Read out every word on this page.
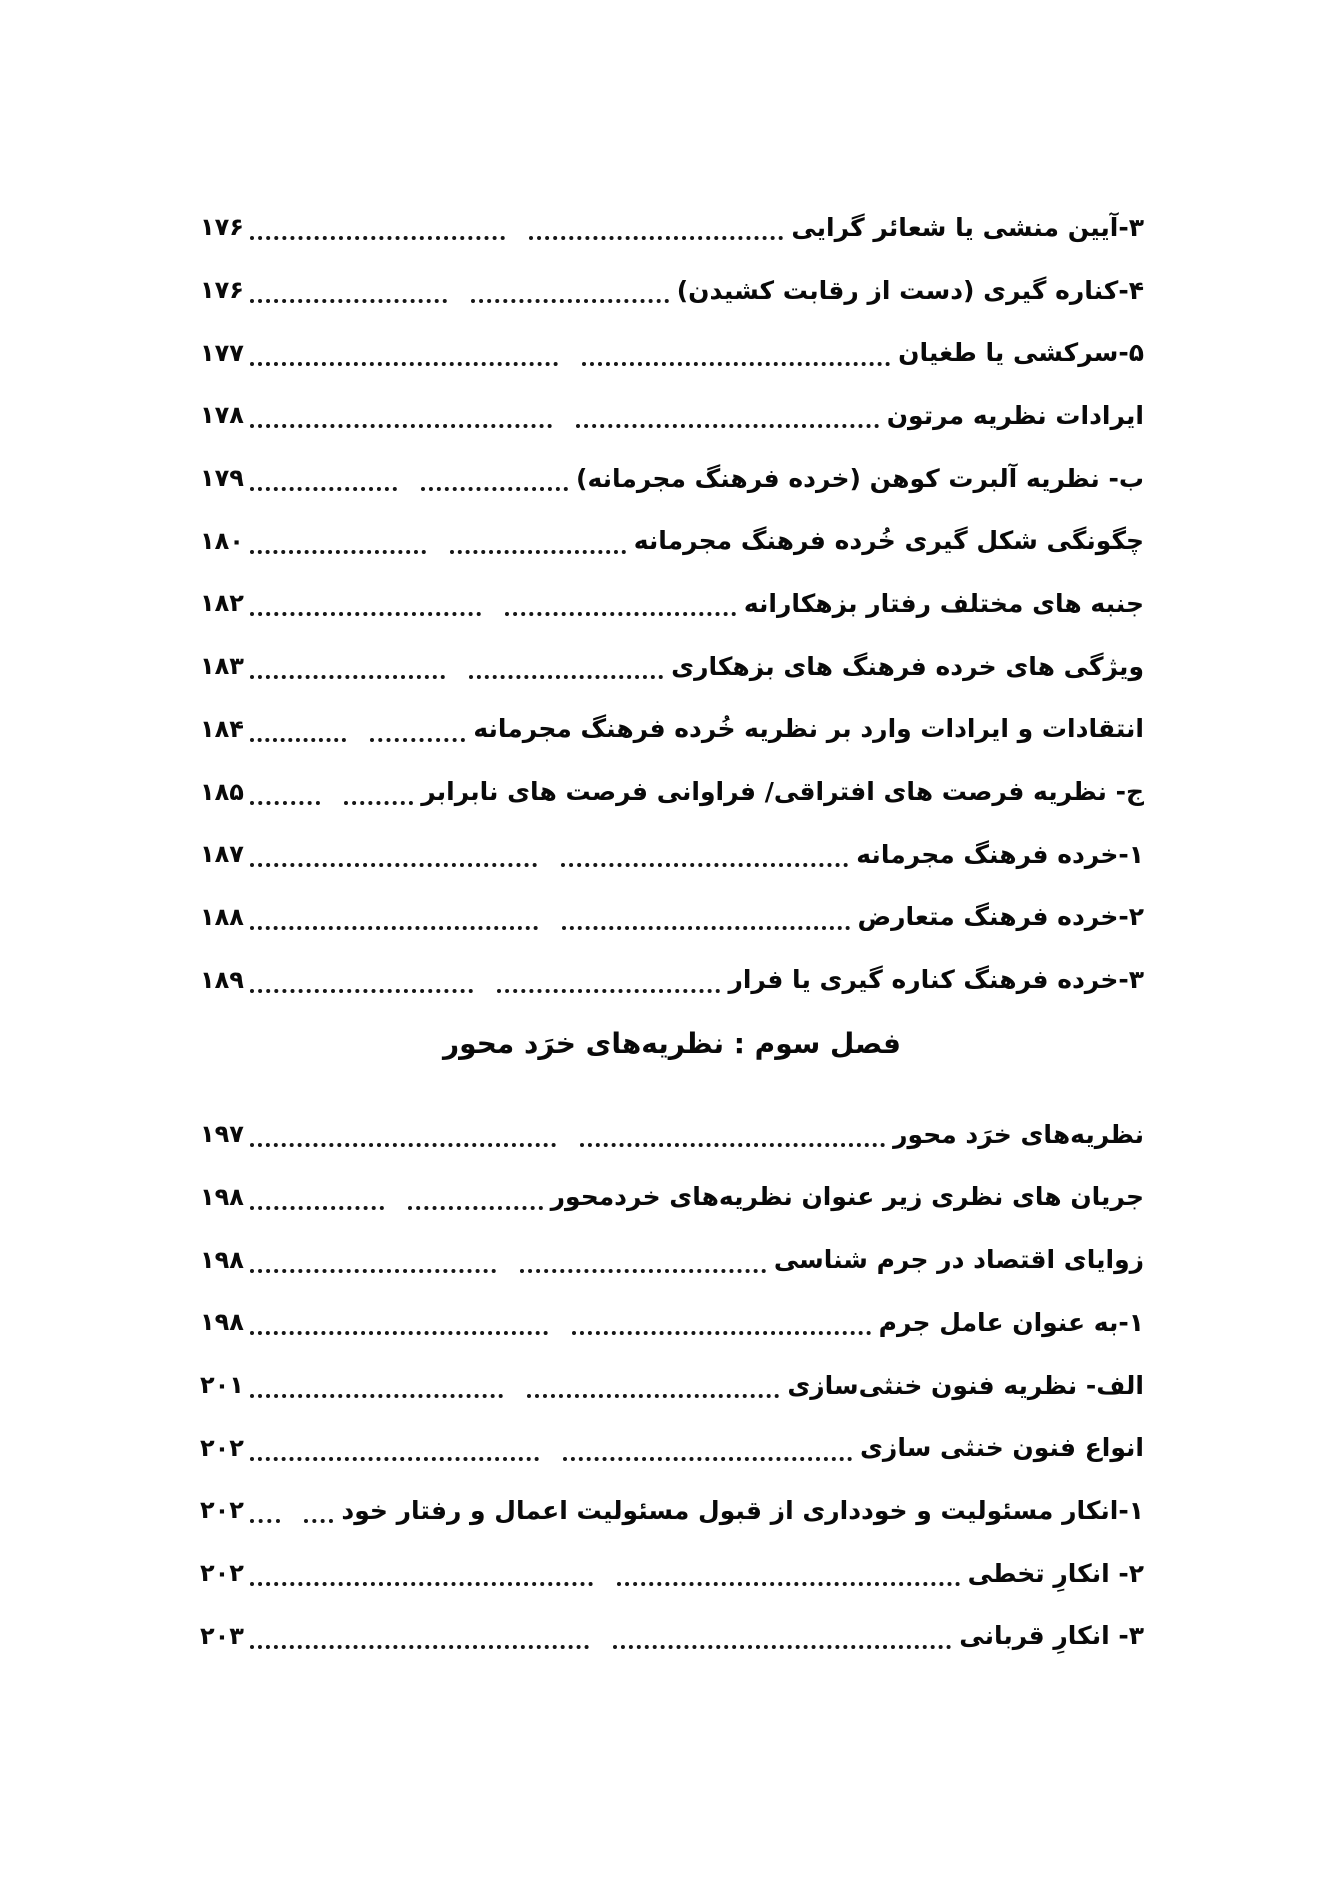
۳-آیین منشی یا شعائر گرایی
۱۷۶
۴-کناره گیری (دست از رقابت کشیدن)
۱۷۶
۵-سرکشی یا طغیان
۱۷۷
ایرادات نظریه مرتون
۱۷۸
ب- نظریه آلبرت کوهن (خرده فرهنگ مجرمانه)
۱۷۹
چگونگی شکل گیری خُرده فرهنگ مجرمانه
۱۸۰
جنبه های مختلف رفتار بزهکارانه
۱۸۲
ویژگی های خرده فرهنگ های بزهکاری
۱۸۳
انتقادات و ایرادات وارد بر نظریه خُرده فرهنگ مجرمانه
۱۸۴
ج- نظریه فرصت های افتراقی/ فراوانی فرصت های نابرابر
۱۸۵
۱-خرده فرهنگ مجرمانه
۱۸۷
۲-خرده فرهنگ متعارض
۱۸۸
۳-خرده فرهنگ کناره گیری یا فرار
۱۸۹
فصل سوم : نظریه‌های خرَد محور
نظریه‌های خرَد محور
۱۹۷
جریان های نظری زیر عنوان نظریه‌های خردمحور
۱۹۸
زوایای اقتصاد در جرم شناسی
۱۹۸
۱-به عنوان عامل جرم
۱۹۸
الف- نظریه فنون خنثی‌سازی
۲۰۱
انواع فنون خنثی سازی
۲۰۲
۱-انکار مسئولیت و خودداری از قبول مسئولیت اعمال و رفتار خود
۲۰۲
۲- انکارِ تخطی
۲۰۲
۳- انکارِ قربانی
۲۰۳
